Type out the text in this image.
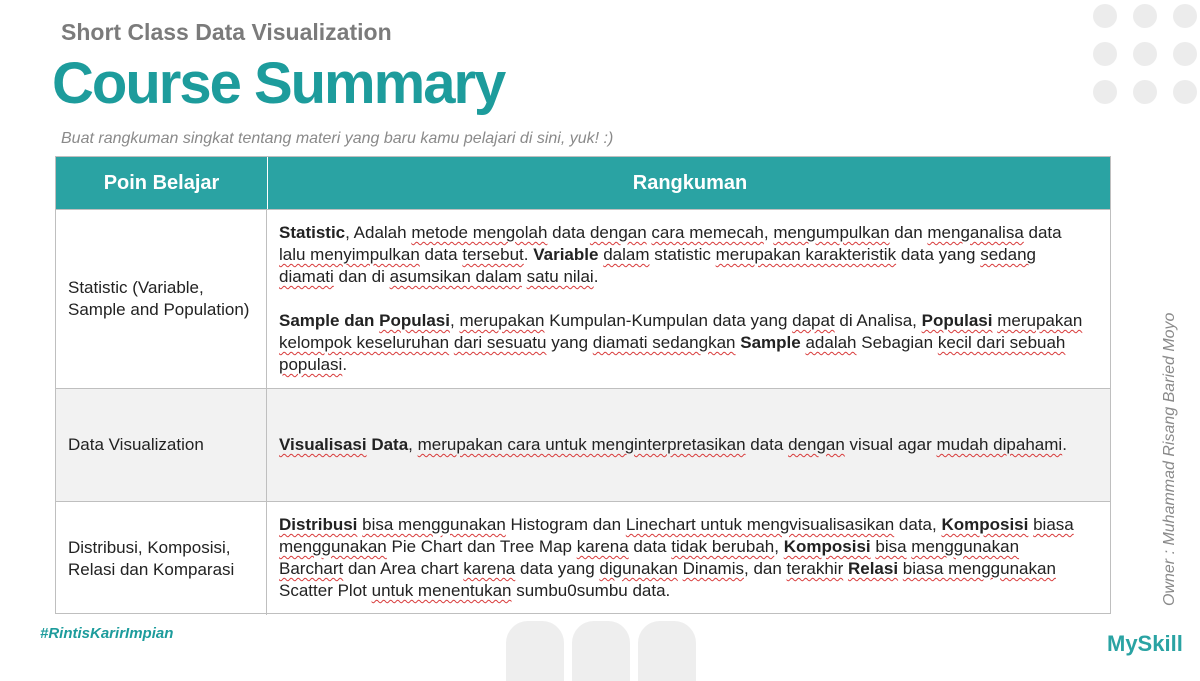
Short Class Data Visualization
Course Summary
Buat rangkuman singkat tentang materi yang baru kamu pelajari di sini, yuk! :)
Poin Belajar	Rangkuman
Statistic (Variable, Sample and Population)

Statistic, Adalah metode mengolah data dengan cara memecah, mengumpulkan dan menganalisa data lalu menyimpulkan data tersebut. Variable dalam statistic merupakan karakteristik data yang sedang diamati dan di asumsikan dalam satu nilai.

Sample dan Populasi, merupakan Kumpulan-Kumpulan data yang dapat di Analisa, Populasi merupakan kelompok keseluruhan dari sesuatu yang diamati sedangkan Sample adalah Sebagian kecil dari sebuah populasi.

Data Visualization	Visualisasi Data, merupakan cara untuk menginterpretasikan data dengan visual agar mudah dipahami.

Distribusi, Komposisi, Relasi dan Komparasi

Distribusi bisa menggunakan Histogram dan Linechart untuk mengvisualisasikan data, Komposisi biasa menggunakan Pie Chart dan Tree Map karena data tidak berubah, Komposisi bisa menggunakan Barchart dan Area chart karena data yang digunakan Dinamis, dan terakhir Relasi biasa menggunakan Scatter Plot untuk menentukan sumbu0sumbu data.

#RintisKarirImpian
Owner : Muhammad Risang Baried Moyo
MySkill
